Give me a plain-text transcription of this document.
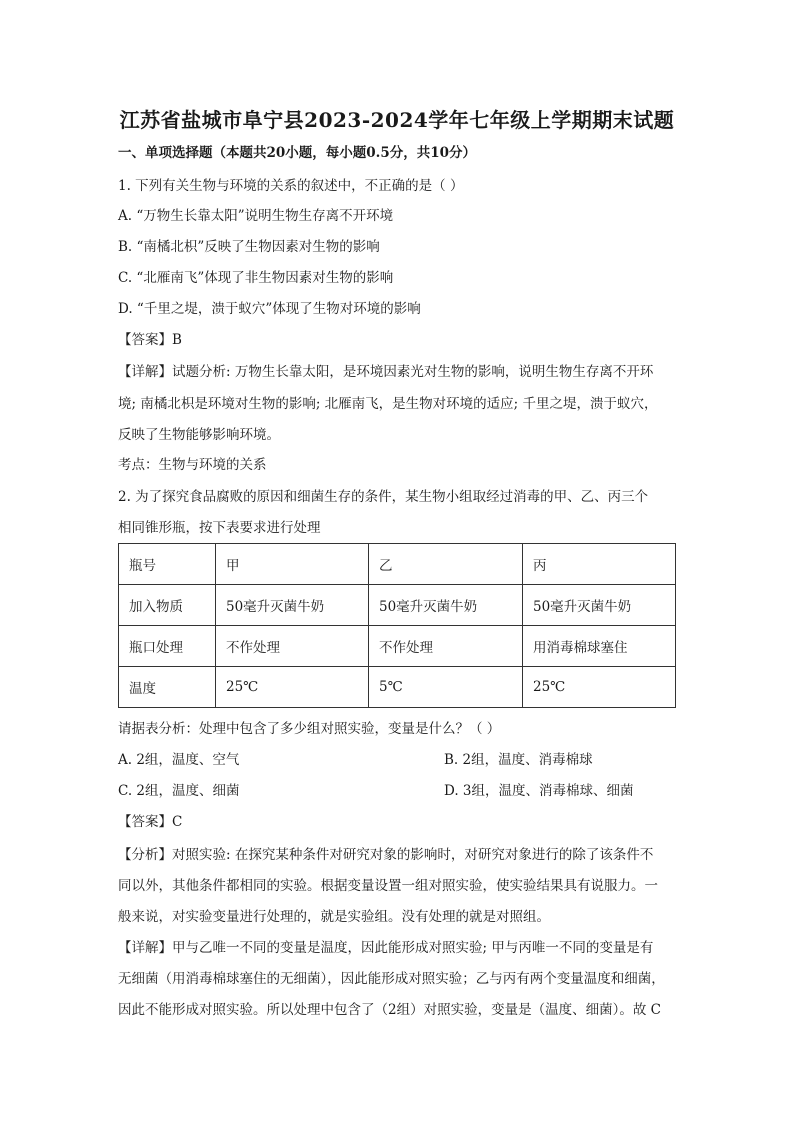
江苏省盐城市阜宁县2023-2024学年七年级上学期期末试题
一、单项选择题（本题共20小题，每小题0.5分，共10分）
1. 下列有关生物与环境的关系的叙述中，不正确的是（ ）
A. “万物生长靠太阳”说明生物生存离不开环境
B. “南橘北枳”反映了生物因素对生物的影响
C. “北雁南飞”体现了非生物因素对生物的影响
D. “千里之堤，溃于蚁穴”体现了生物对环境的影响
【答案】B
【详解】试题分析: 万物生长靠太阳，是环境因素光对生物的影响，说明生物生存离不开环
境; 南橘北枳是环境对生物的影响; 北雁南飞，是生物对环境的适应; 千里之堤，溃于蚁穴，
反映了生物能够影响环境。
考点：生物与环境的关系
2. 为了探究食品腐败的原因和细菌生存的条件，某生物小组取经过消毒的甲、乙、丙三个
相同锥形瓶，按下表要求进行处理
瓶号	甲	乙	丙
加入物质	50毫升灭菌牛奶	50毫升灭菌牛奶	50毫升灭菌牛奶
瓶口处理	不作处理	不作处理	用消毒棉球塞住
温度	25℃	5℃	25℃
请据表分析：处理中包含了多少组对照实验，变量是什么？（ ）
A. 2组，温度、空气	B. 2组，温度、消毒棉球
C. 2组，温度、细菌	D. 3组，温度、消毒棉球、细菌
【答案】C
【分析】对照实验: 在探究某种条件对研究对象的影响时，对研究对象进行的除了该条件不
同以外，其他条件都相同的实验。根据变量设置一组对照实验，使实验结果具有说服力。一
般来说，对实验变量进行处理的，就是实验组。没有处理的就是对照组。
【详解】甲与乙唯一不同的变量是温度，因此能形成对照实验; 甲与丙唯一不同的变量是有
无细菌（用消毒棉球塞住的无细菌），因此能形成对照实验；乙与丙有两个变量温度和细菌，
因此不能形成对照实验。所以处理中包含了（2组）对照实验，变量是（温度、细菌）。故 C
